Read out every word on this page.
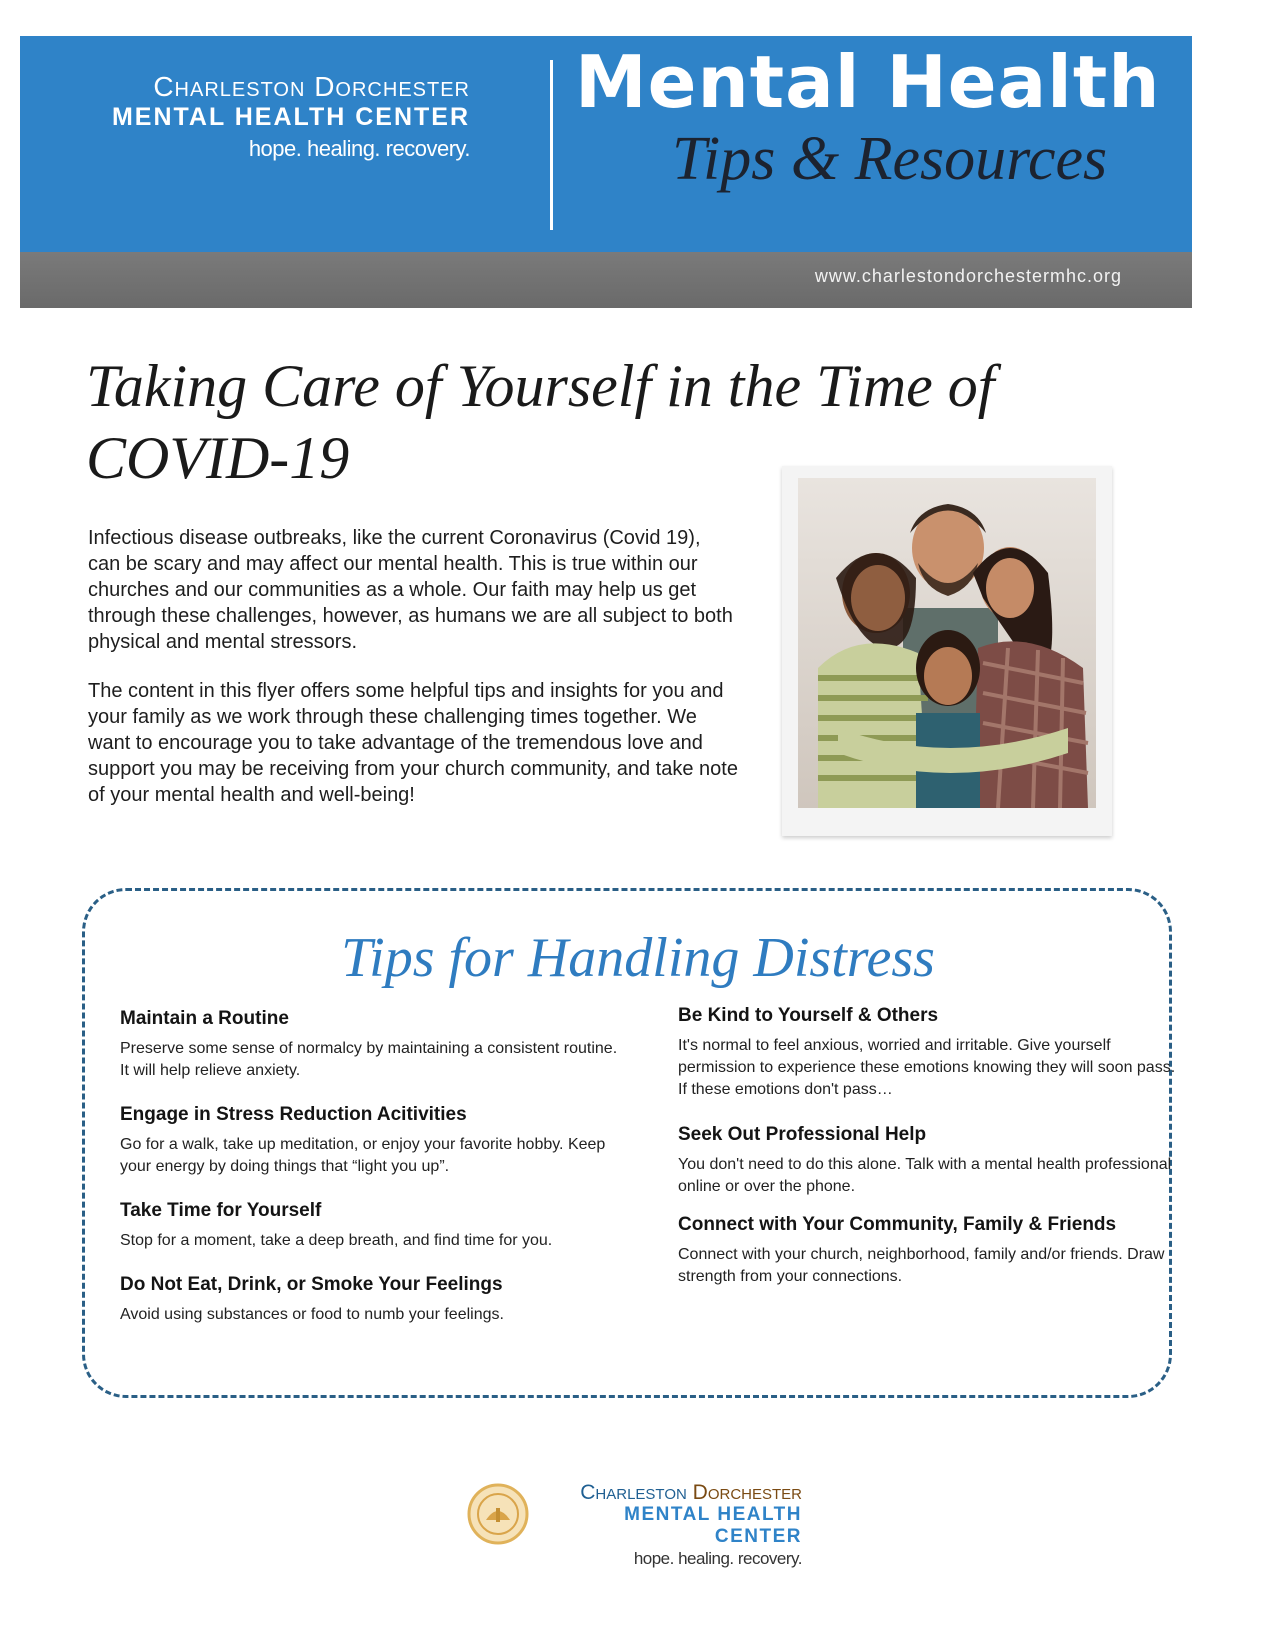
Charleston Dorchester
MENTAL HEALTH CENTER
hope. healing. recovery.
Mental Health
Tips & Resources
www.charlestondorchestermhc.org
Taking Care of Yourself in the Time of COVID-19
Infectious disease outbreaks, like the current Coronavirus (Covid 19), can be scary and may affect our mental health. This is true within our churches and our communities as a whole. Our faith may help us get through these challenges, however, as humans we are all subject to both physical and mental stressors.
The content in this flyer offers some helpful tips and insights for you and your family as we work through these challenging times together. We want to encourage you to take advantage of the tremendous love and support you may be receiving from your church community, and take note of your mental health and well-being!
Tips for Handling Distress
Maintain a Routine

Preserve some sense of normalcy by maintaining a consistent routine. It will help relieve anxiety.

Engage in Stress Reduction Acitivities

Go for a walk, take up meditation, or enjoy your favorite hobby. Keep your energy by doing things that “light you up”.

Take Time for Yourself

Stop for a moment, take a deep breath, and find time for you.

Do Not Eat, Drink, or Smoke Your Feelings

Avoid using substances or food to numb your feelings.

Be Kind to Yourself & Others

It's normal to feel anxious, worried and irritable. Give yourself permission to experience these emotions knowing they will soon pass. If these emotions don't pass…

Seek Out Professional Help

You don't need to do this alone. Talk with a mental health professional online or over the phone.

Connect with Your Community, Family & Friends

Connect with your church, neighborhood, family and/or friends. Draw strength from your connections.

Charleston Dorchester
MENTAL HEALTH CENTER
hope. healing. recovery.
